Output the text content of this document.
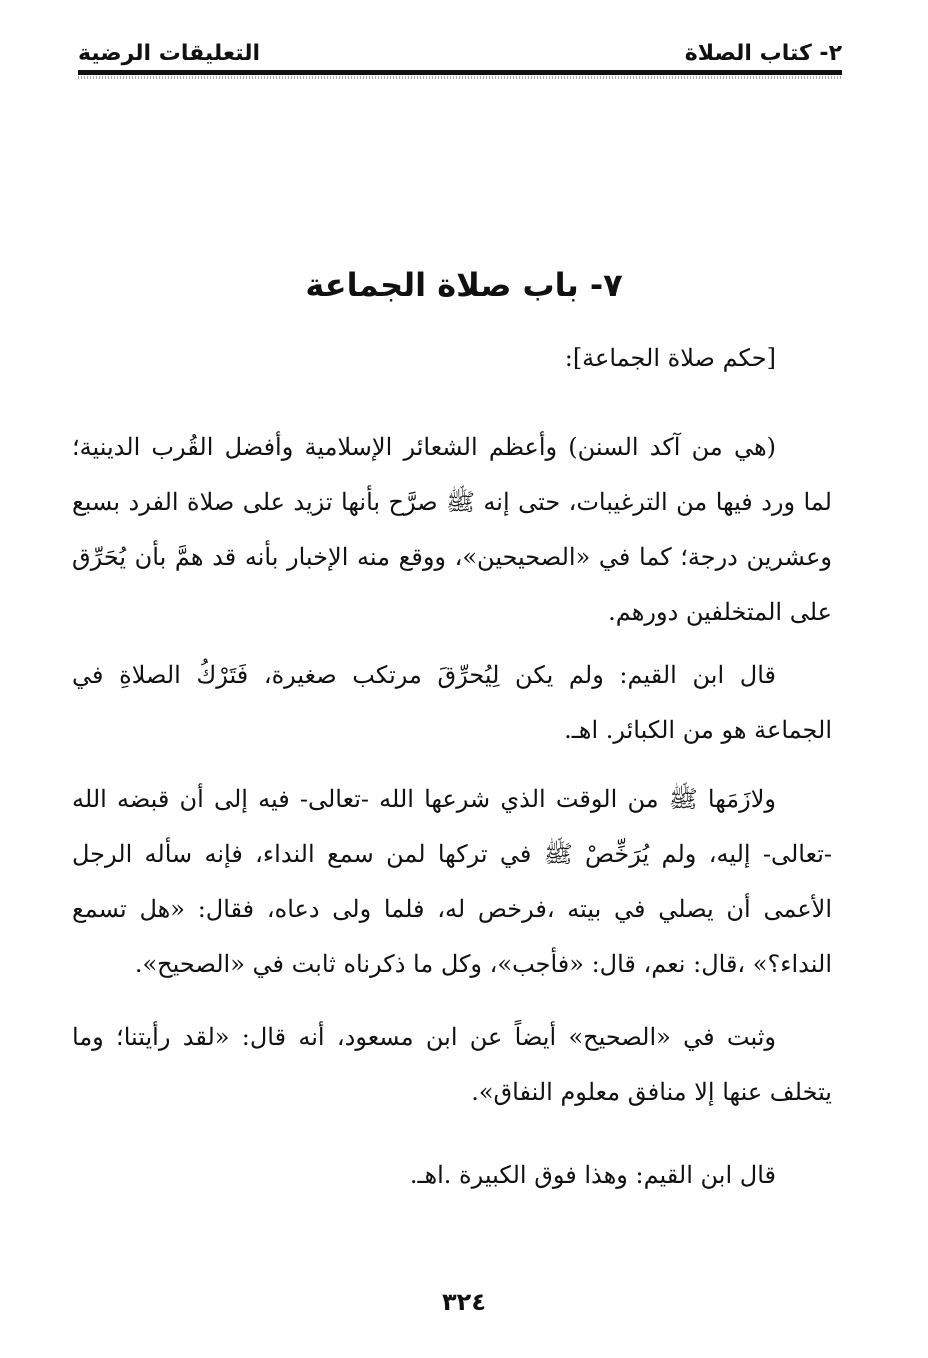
٢- كتاب الصلاة
التعليقات الرضية
٧- باب صلاة الجماعة
[حكم صلاة الجماعة]:

(هي من آكد السنن) وأعظم الشعائر الإسلامية وأفضل القُرب الدينية؛ لما ورد فيها من الترغيبات، حتى إنه ﷺ صرَّح بأنها تزيد على صلاة الفرد بسبع وعشرين درجة؛ كما في «الصحيحين»، ووقع منه الإخبار بأنه قد همَّ بأن يُحَرِّق على المتخلفين دورهم.

قال ابن القيم: ولم يكن لِيُحرِّقَ مرتكب صغيرة، فَتَرْكُ الصلاةِ في الجماعة هو من الكبائر. اهـ.

ولازَمَها ﷺ من الوقت الذي شرعها الله -تعالى- فيه إلى أن قبضه الله -تعالى- إليه، ولم يُرَخِّصْ ﷺ في تركها لمن سمع النداء، فإنه سأله الرجل الأعمى أن يصلي في بيته ،فرخص له، فلما ولى دعاه، فقال: «هل تسمع النداء؟» ،قال: نعم، قال: «فأجب»، وكل ما ذكرناه ثابت في «الصحيح».

وثبت في «الصحيح» أيضاً عن ابن مسعود، أنه قال: «لقد رأيتنا؛ وما يتخلف عنها إلا منافق معلوم النفاق».

قال ابن القيم: وهذا فوق الكبيرة .اهـ.

٣٢٤
